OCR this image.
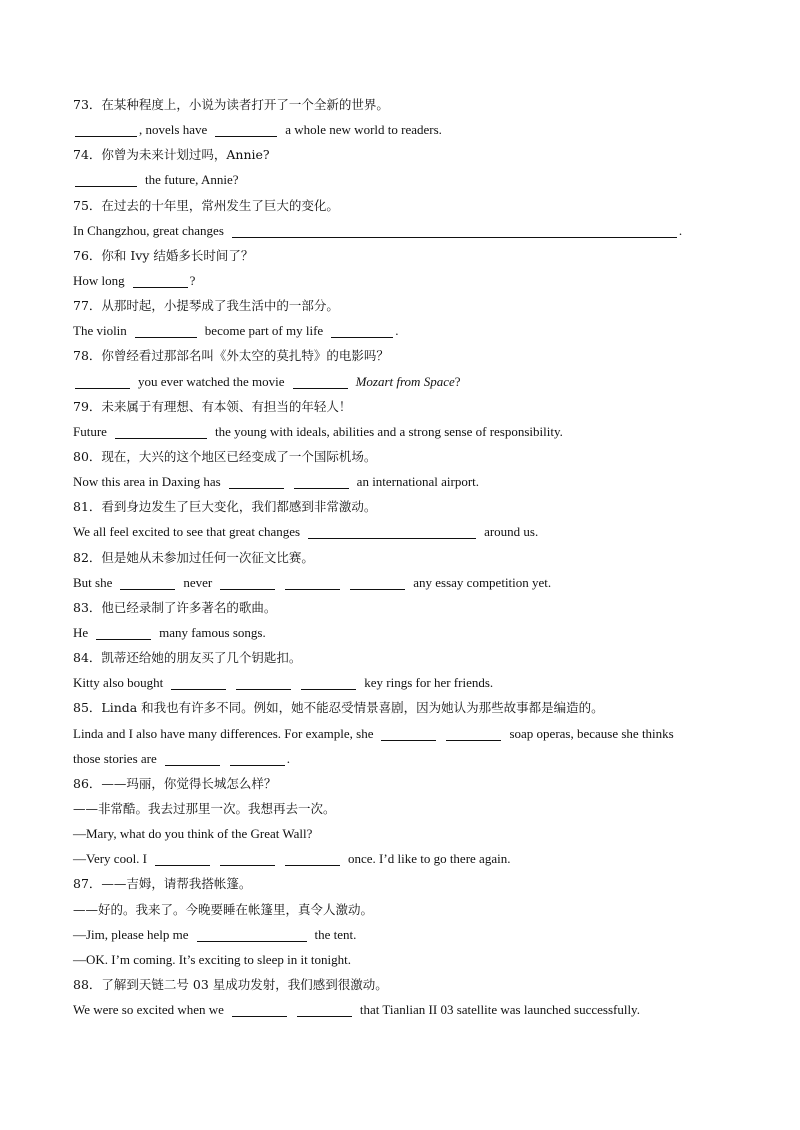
73．在某种程度上，小说为读者打开了一个全新的世界。
, novels have	a whole new world to readers.
74．你曾为未来计划过吗，Annie?
the future, Annie?
75．在过去的十年里，常州发生了巨大的变化。
In Changzhou, great changes	.
76．你和 Ivy 结婚多长时间了？
How long	?
77．从那时起，小提琴成了我生活中的一部分。
The violin	become part of my life	.
78．你曾经看过那部名叫《外太空的莫扎特》的电影吗？
you ever watched the movie	Mozart from Space?
79．未来属于有理想、有本领、有担当的年轻人！
Future	the young with ideals, abilities and a strong sense of responsibility.
80．现在，大兴的这个地区已经变成了一个国际机场。
Now this area in Daxing has	an international airport.
81．看到身边发生了巨大变化，我们都感到非常激动。
We all feel excited to see that great changes	around us.
82．但是她从未参加过任何一次征文比赛。
But she	never	any essay competition yet.
83．他已经录制了许多著名的歌曲。
He	many famous songs.
84．凯蒂还给她的朋友买了几个钥匙扣。
Kitty also bought	key rings for her friends.
85．Linda 和我也有许多不同。例如，她不能忍受情景喜剧，因为她认为那些故事都是编造的。
Linda and I also have many differences. For example, she	soap operas, because she thinks
those stories are	.
86．——玛丽，你觉得长城怎么样？
——非常酷。我去过那里一次。我想再去一次。
—Mary, what do you think of the Great Wall?
—Very cool. I	once. I’d like to go there again.
87．——吉姆，请帮我搭帐篷。
——好的。我来了。今晚要睡在帐篷里，真令人激动。
—Jim, please help me	the tent.
—OK. I’m coming. It’s exciting to sleep in it tonight.
88．了解到天链二号 03 星成功发射，我们感到很激动。
We were so excited when we	that Tianlian II 03 satellite was launched successfully.
